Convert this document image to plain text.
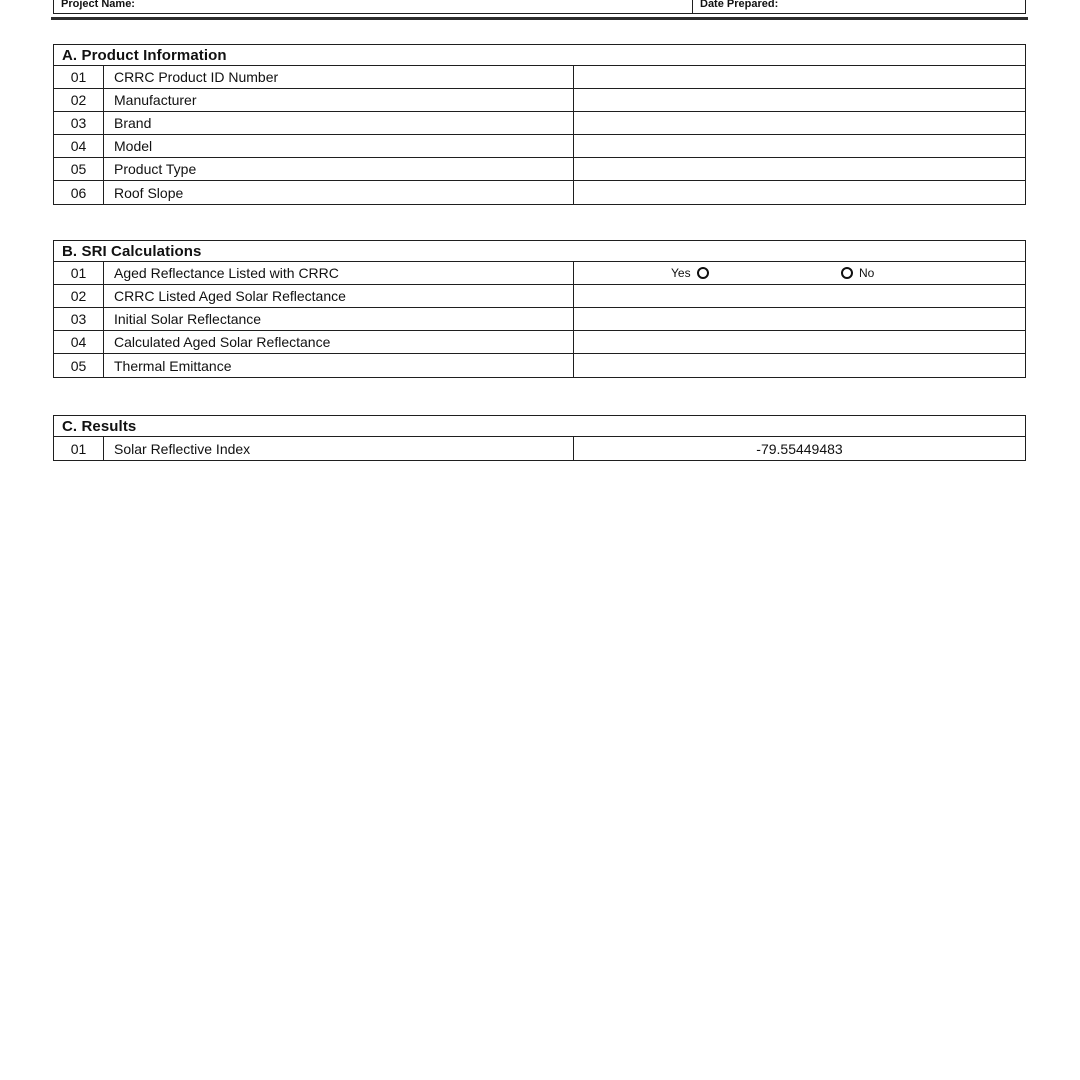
Project Name:	Date Prepared:
A. Product Information
01	CRRC Product ID Number
02	Manufacturer
03	Brand
04	Model
05	Product Type
06	Roof Slope
B. SRI Calculations
01	Aged Reflectance Listed with CRRC	Yes	No
02	CRRC Listed Aged Solar Reflectance
03	Initial Solar Reflectance
04	Calculated Aged Solar Reflectance
05	Thermal Emittance
C. Results
01	Solar Reflective Index	-79.55449483
